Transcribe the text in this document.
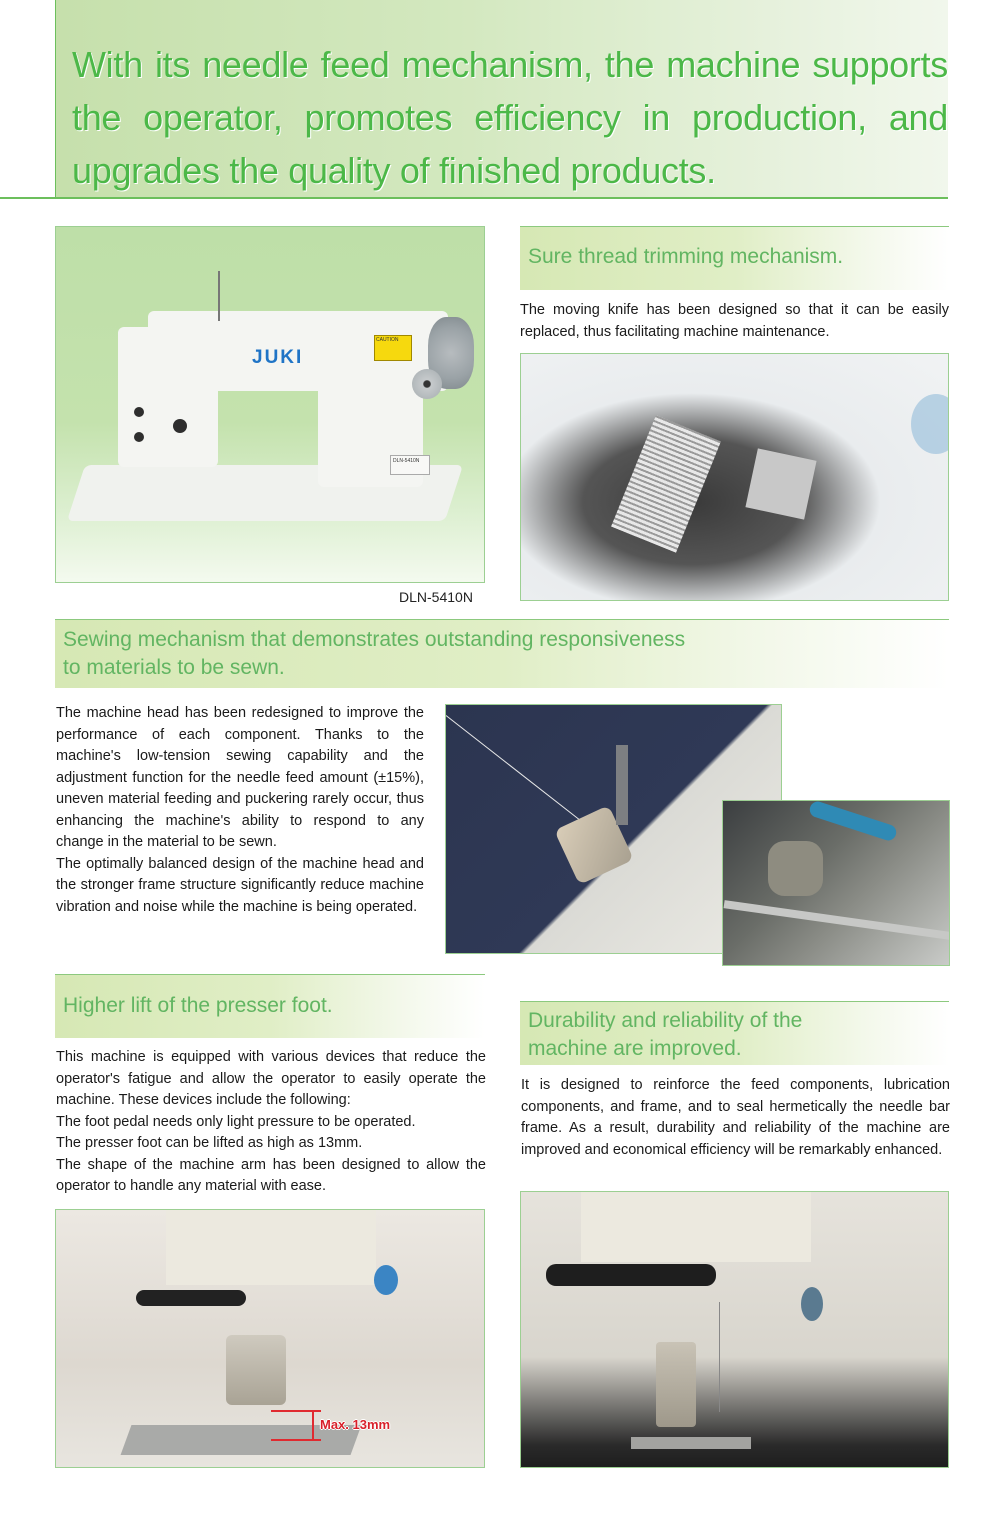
With its needle feed mechanism, the machine supports the operator, promotes efficiency in production, and upgrades the quality of finished products.
JUKI
CAUTION
DLN-5410N
DLN-5410N
Sure thread trimming mechanism.
The moving knife has been designed so that it can be easily replaced, thus facilitating machine maintenance.
Sewing mechanism that demonstrates outstanding responsiveness
to materials to be sewn.
The machine head has been redesigned to improve the performance of each component. Thanks to the machine's low-tension sewing capability and the adjustment function for the needle feed amount (±15%), uneven material feeding and puckering rarely occur, thus enhancing the machine's ability to respond to any change in the material to be sewn.
The optimally balanced design of the machine head and the stronger frame structure significantly reduce machine vibration and noise while the machine is being operated.
Higher lift of the presser foot.
This machine is equipped with various devices that reduce the operator's fatigue and allow the operator to easily operate the machine. These devices include the following:
The foot pedal needs only light pressure to be operated.
The presser foot can be lifted as high as 13mm.
The shape of the machine arm has been designed to allow the operator to handle any material with ease.
Max. 13mm
Durability and reliability of the
machine are improved.
It is designed to reinforce the feed components, lubrication components, and frame, and to seal hermetically the needle bar frame. As a result, durability and reliability of the machine are improved and economical efficiency will be remarkably enhanced.
